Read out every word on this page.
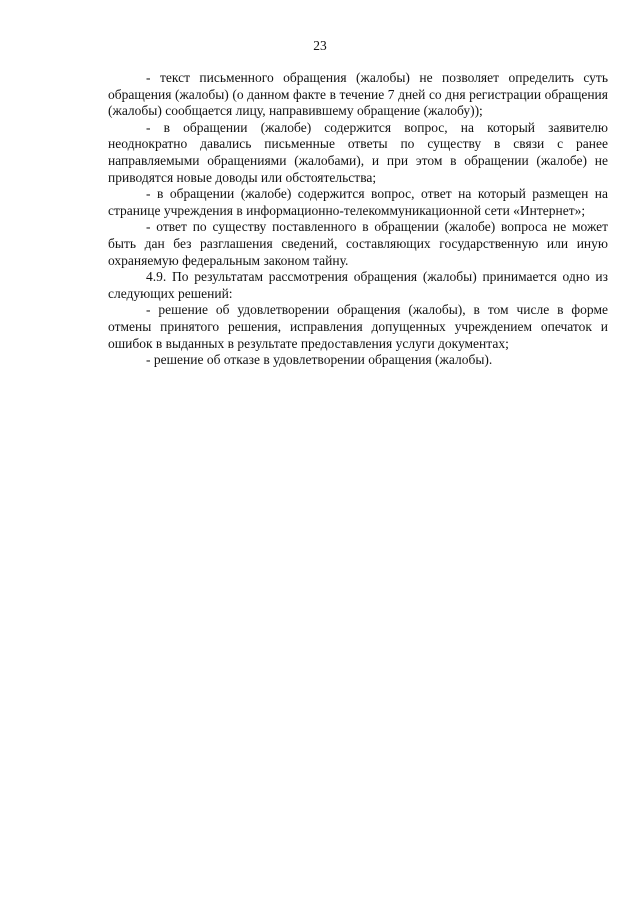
23

- текст письменного обращения (жалобы) не позволяет определить суть обращения (жалобы) (о данном факте в течение 7 дней со дня регистрации обращения (жалобы) сообщается лицу, направившему обращение (жалобу));

- в обращении (жалобе) содержится вопрос, на который заявителю неоднократно давались письменные ответы по существу в связи с ранее направляемыми обращениями (жалобами), и при этом в обращении (жалобе) не приводятся новые доводы или обстоятельства;

- в обращении (жалобе) содержится вопрос, ответ на который размещен на странице учреждения в информационно-телекоммуникационной сети «Интернет»;

- ответ по существу поставленного в обращении (жалобе) вопроса не может быть дан без разглашения сведений, составляющих государственную или иную охраняемую федеральным законом тайну.

4.9. По результатам рассмотрения обращения (жалобы) принимается одно из следующих решений:

- решение об удовлетворении обращения (жалобы), в том числе в форме отмены принятого решения, исправления допущенных учреждением опечаток и ошибок в выданных в результате предоставления услуги документах;

- решение об отказе в удовлетворении обращения (жалобы).
